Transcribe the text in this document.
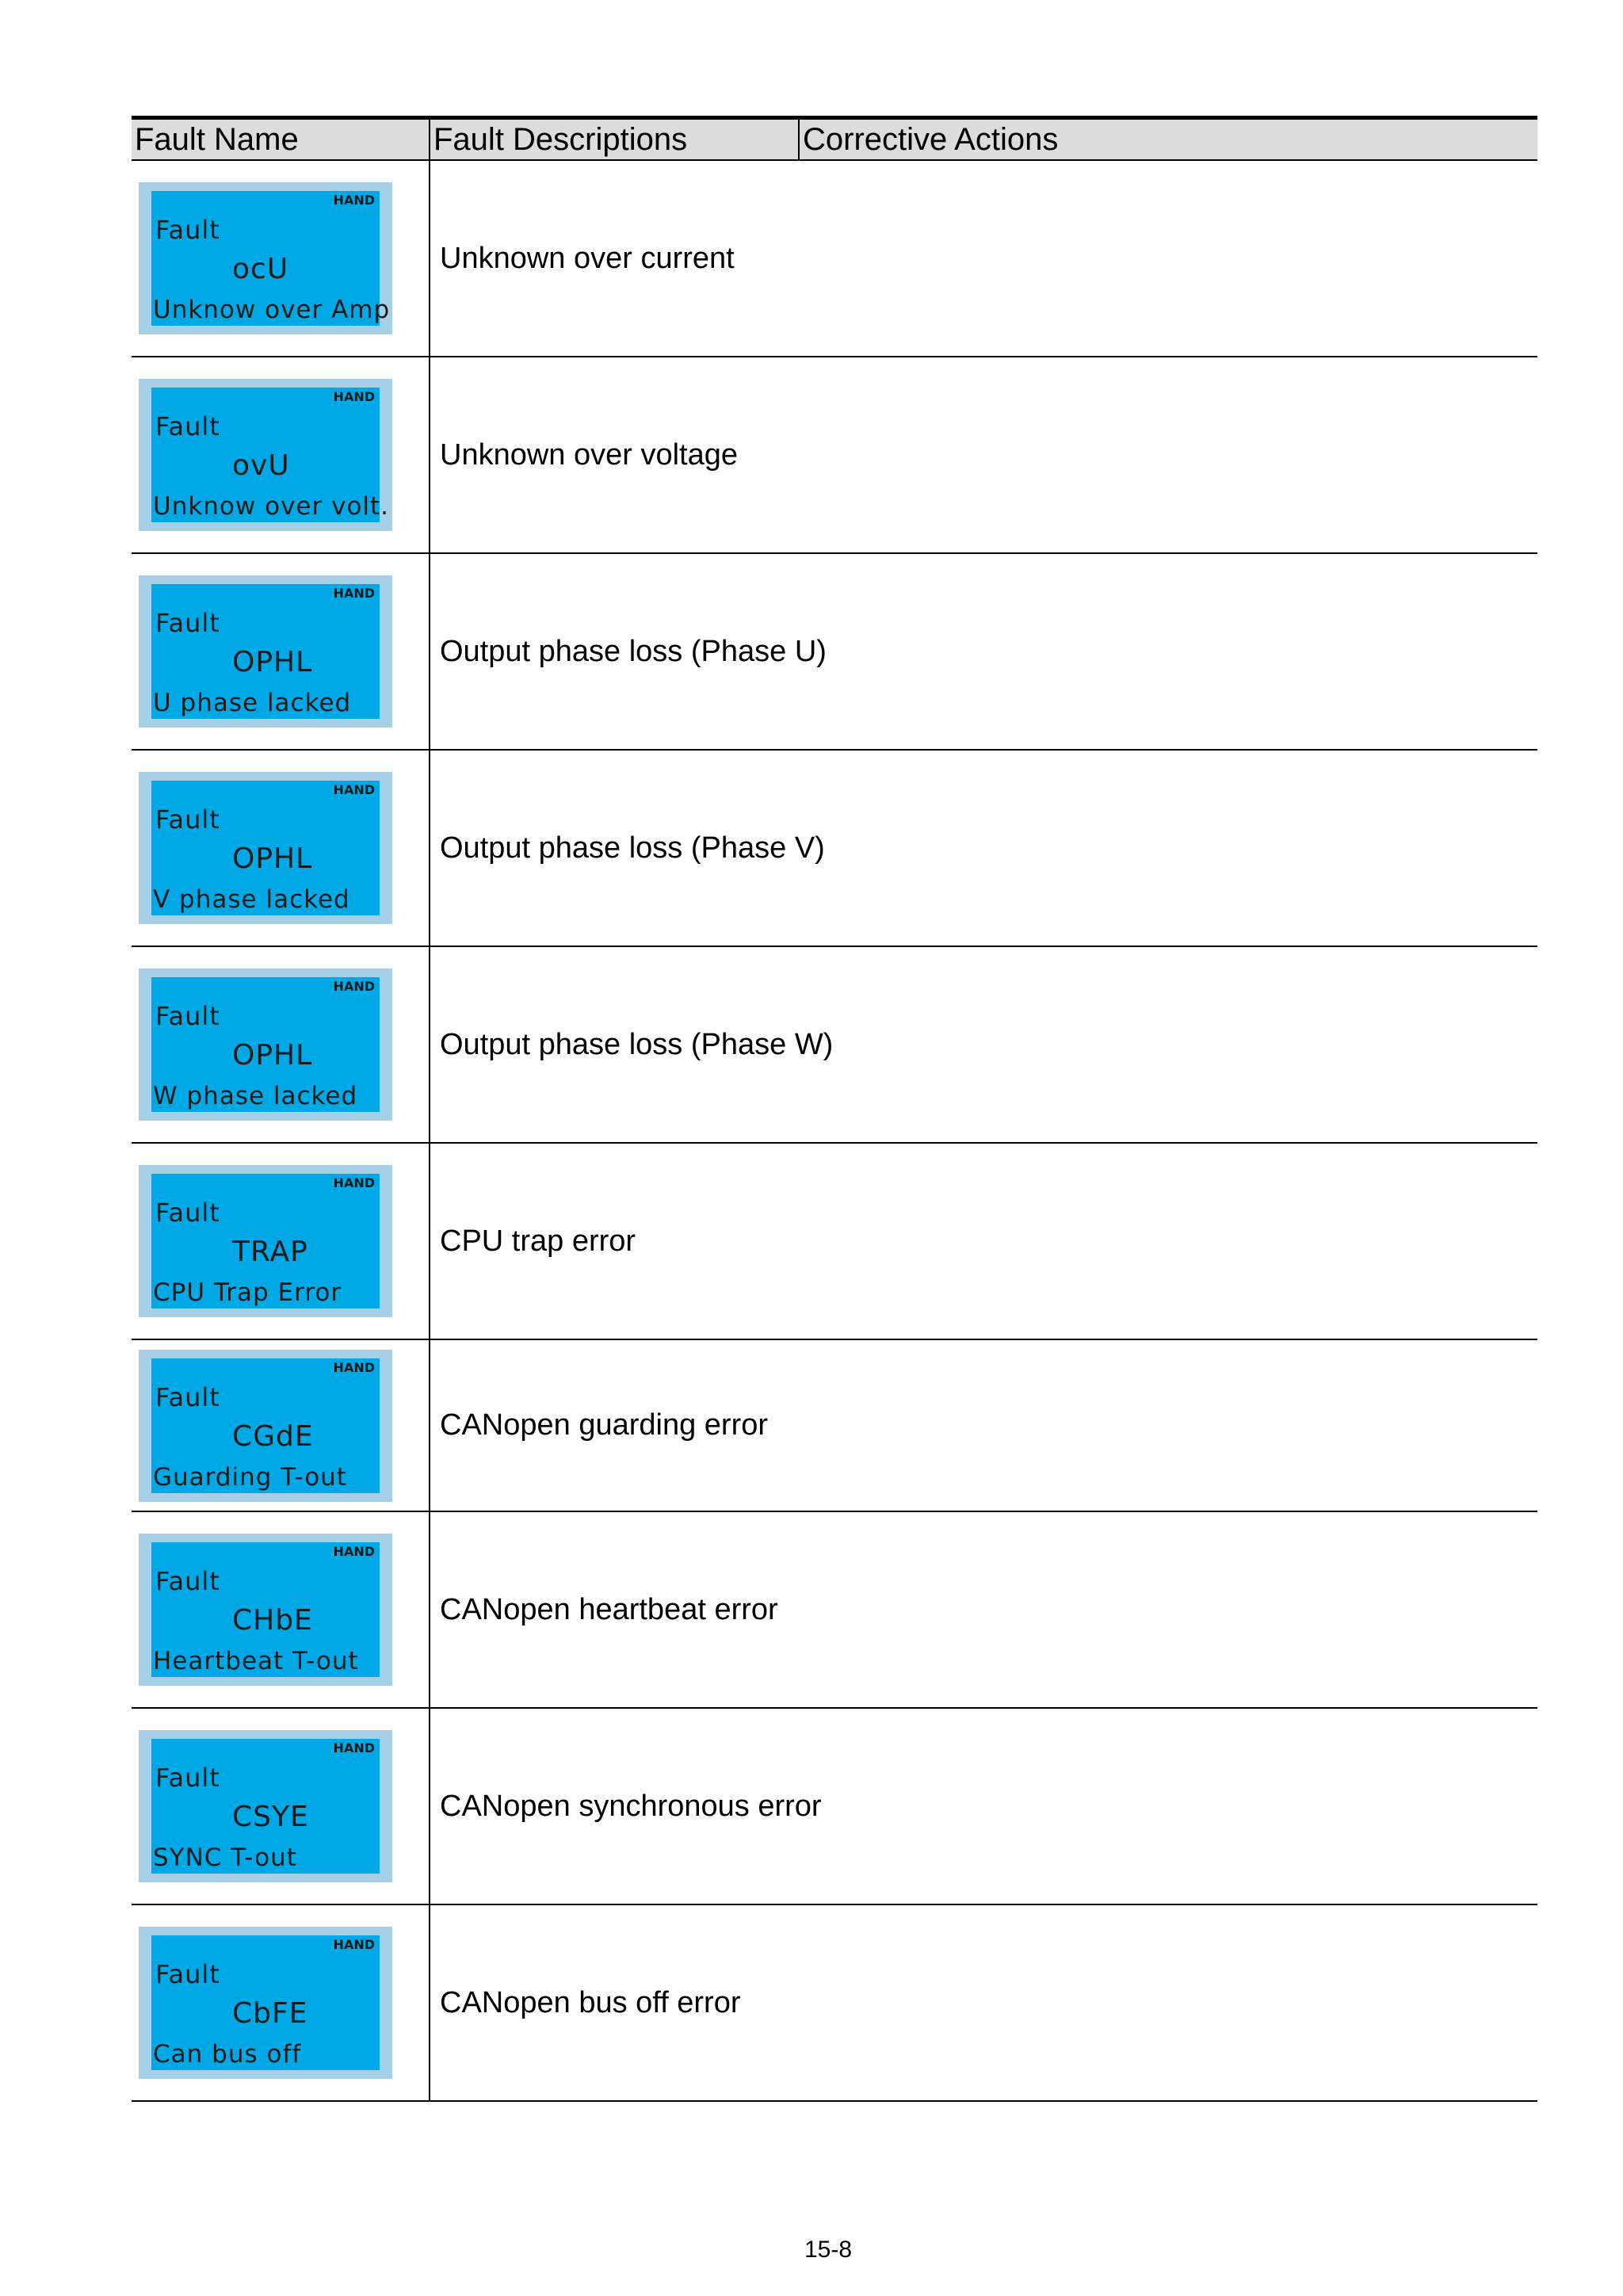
Fault Name	Fault Descriptions	Corrective Actions

HAND
Fault
ocU
Unknow over Amp	Unknown over current	

HAND
Fault
ovU
Unknow over volt.	Unknown over voltage	

HAND
Fault
OPHL
U phase lacked	Output phase loss (Phase U)	

HAND
Fault
OPHL
V phase lacked	Output phase loss (Phase V)	

HAND
Fault
OPHL
W phase lacked	Output phase loss (Phase W)	

HAND
Fault
TRAP
CPU Trap Error	CPU trap error	

HAND
Fault
CGdE
Guarding T-out	CANopen guarding error	

HAND
Fault
CHbE
Heartbeat T-out	CANopen heartbeat error	

HAND
Fault
CSYE
SYNC T-out	CANopen synchronous error	

HAND
Fault
CbFE
Can bus off	CANopen bus off error	
15-8
